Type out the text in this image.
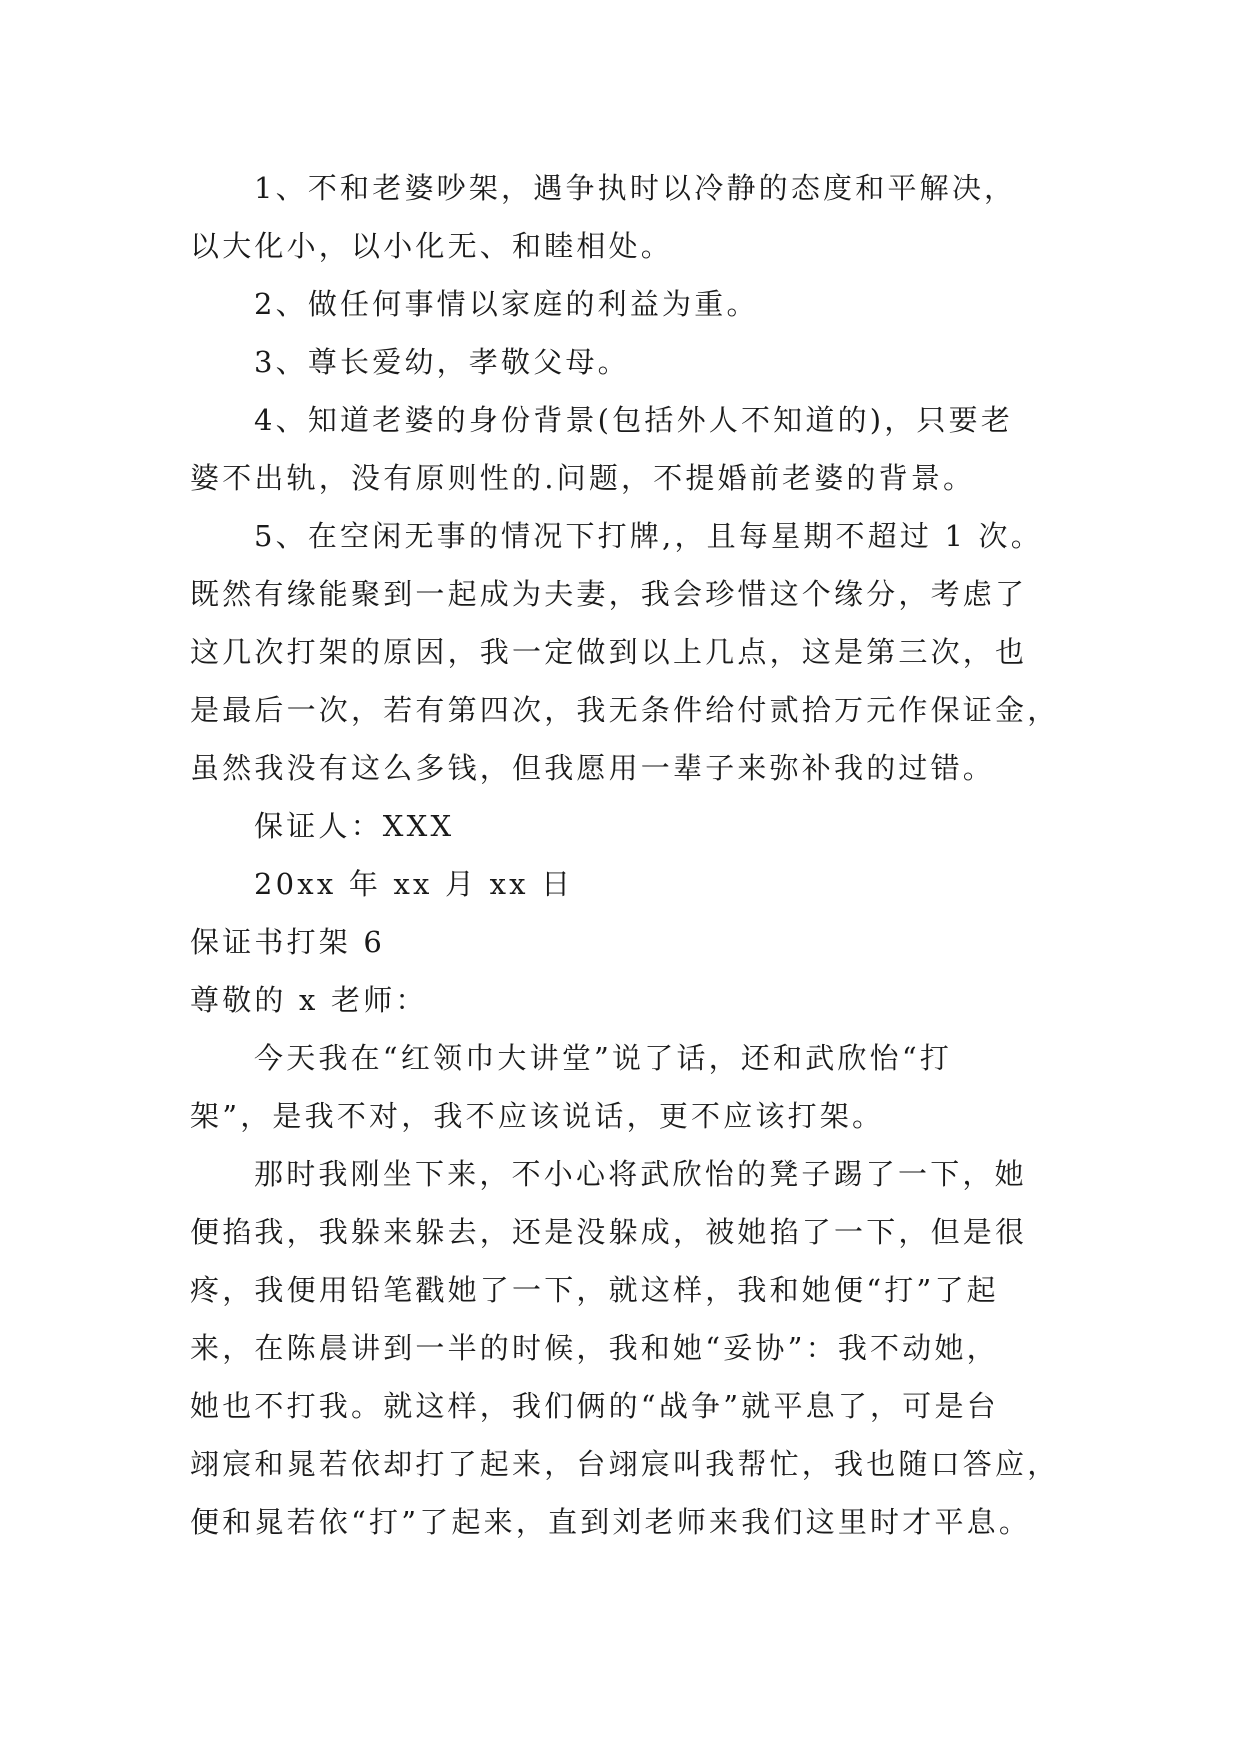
1、不和老婆吵架，遇争执时以冷静的态度和平解决，
以大化小，以小化无、和睦相处。
2、做任何事情以家庭的利益为重。
3、尊长爱幼，孝敬父母。
4、知道老婆的身份背景(包括外人不知道的)，只要老
婆不出轨，没有原则性的.问题，不提婚前老婆的背景。
5、在空闲无事的情况下打牌,，且每星期不超过 1 次。
既然有缘能聚到一起成为夫妻，我会珍惜这个缘分，考虑了
这几次打架的原因，我一定做到以上几点，这是第三次，也
是最后一次，若有第四次，我无条件给付贰拾万元作保证金，
虽然我没有这么多钱，但我愿用一辈子来弥补我的过错。
保证人：XXX
20xx 年 xx 月 xx 日
保证书打架 6
尊敬的 x 老师：
今天我在“红领巾大讲堂”说了话，还和武欣怡“打
架”，是我不对，我不应该说话，更不应该打架。
那时我刚坐下来，不小心将武欣怡的凳子踢了一下，她
便掐我，我躲来躲去，还是没躲成，被她掐了一下，但是很
疼，我便用铅笔戳她了一下，就这样，我和她便“打”了起
来，在陈晨讲到一半的时候，我和她“妥协”：我不动她，
她也不打我。就这样，我们俩的“战争”就平息了，可是台
翊宸和晁若依却打了起来，台翊宸叫我帮忙，我也随口答应，
便和晁若依“打”了起来，直到刘老师来我们这里时才平息。
